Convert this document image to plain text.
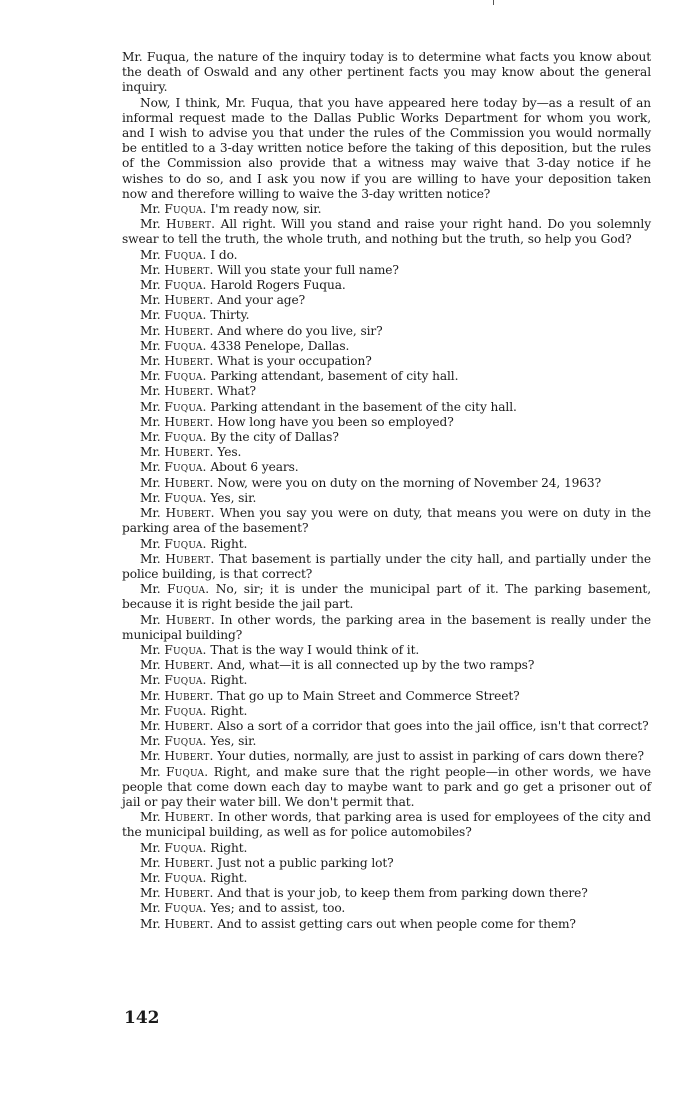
Mr. Fuqua, the nature of the inquiry today is to determine what facts you know about the death of Oswald and any other pertinent facts you may know about the general inquiry.

Now, I think, Mr. Fuqua, that you have appeared here today by—as a result of an informal request made to the Dallas Public Works Department for whom you work, and I wish to advise you that under the rules of the Commission you would normally be entitled to a 3-day written notice before the taking of this deposition, but the rules of the Commission also provide that a witness may waive that 3-day notice if he wishes to do so, and I ask you now if you are willing to have your deposition taken now and therefore willing to waive the 3-day written notice?

Mr. Fuqua. I'm ready now, sir.

Mr. Hubert. All right. Will you stand and raise your right hand. Do you solemnly swear to tell the truth, the whole truth, and nothing but the truth, so help you God?

Mr. Fuqua. I do.

Mr. Hubert. Will you state your full name?

Mr. Fuqua. Harold Rogers Fuqua.

Mr. Hubert. And your age?

Mr. Fuqua. Thirty.

Mr. Hubert. And where do you live, sir?

Mr. Fuqua. 4338 Penelope, Dallas.

Mr. Hubert. What is your occupation?

Mr. Fuqua. Parking attendant, basement of city hall.

Mr. Hubert. What?

Mr. Fuqua. Parking attendant in the basement of the city hall.

Mr. Hubert. How long have you been so employed?

Mr. Fuqua. By the city of Dallas?

Mr. Hubert. Yes.

Mr. Fuqua. About 6 years.

Mr. Hubert. Now, were you on duty on the morning of November 24, 1963?

Mr. Fuqua. Yes, sir.

Mr. Hubert. When you say you were on duty, that means you were on duty in the parking area of the basement?

Mr. Fuqua. Right.

Mr. Hubert. That basement is partially under the city hall, and partially under the police building, is that correct?

Mr. Fuqua. No, sir; it is under the municipal part of it. The parking basement, because it is right beside the jail part.

Mr. Hubert. In other words, the parking area in the basement is really under the municipal building?

Mr. Fuqua. That is the way I would think of it.

Mr. Hubert. And, what—it is all connected up by the two ramps?

Mr. Fuqua. Right.

Mr. Hubert. That go up to Main Street and Commerce Street?

Mr. Fuqua. Right.

Mr. Hubert. Also a sort of a corridor that goes into the jail office, isn't that correct?

Mr. Fuqua. Yes, sir.

Mr. Hubert. Your duties, normally, are just to assist in parking of cars down there?

Mr. Fuqua. Right, and make sure that the right people—in other words, we have people that come down each day to maybe want to park and go get a prisoner out of jail or pay their water bill. We don't permit that.

Mr. Hubert. In other words, that parking area is used for employees of the city and the municipal building, as well as for police automobiles?

Mr. Fuqua. Right.

Mr. Hubert. Just not a public parking lot?

Mr. Fuqua. Right.

Mr. Hubert. And that is your job, to keep them from parking down there?

Mr. Fuqua. Yes; and to assist, too.

Mr. Hubert. And to assist getting cars out when people come for them?

142
